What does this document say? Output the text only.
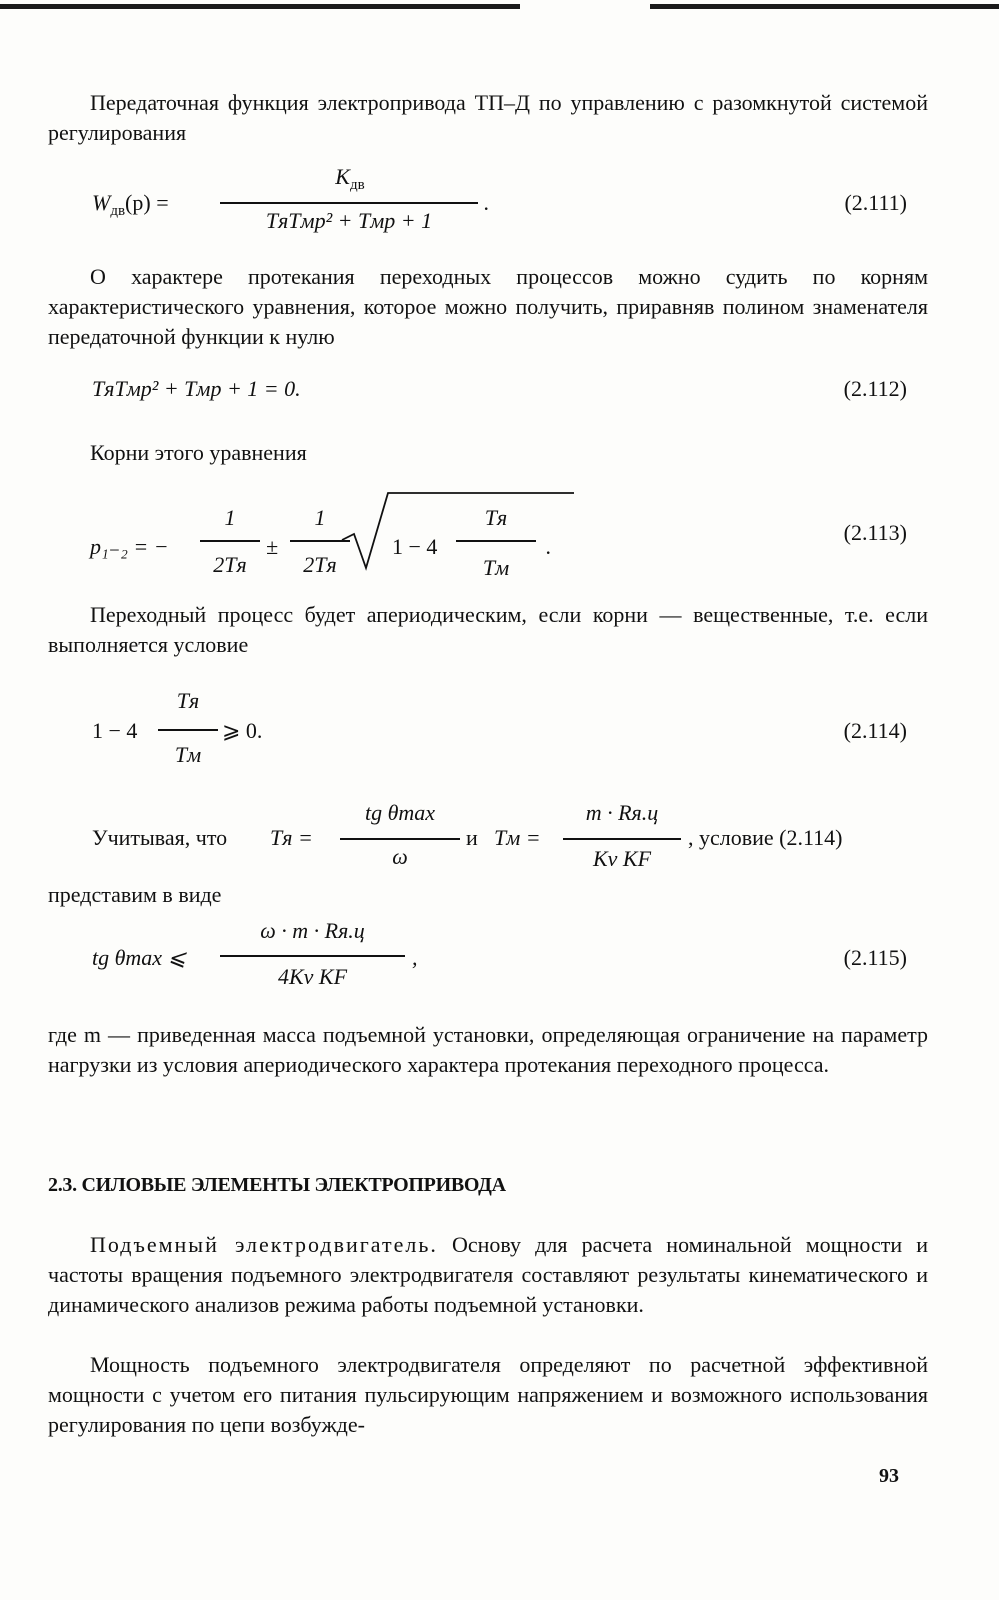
Передаточная функция электропривода ТП–Д по управлению с разомкнутой системой регулирования
$W_{дв}(p)$ =
$K_{дв}$
TяTмp² + Tмp + 1
.	(2.111)
О характере протекания переходных процессов можно судить по корням характеристического уравнения, которое можно получить, приравняв полином знаменателя передаточной функции к нулю
TяTмp² + Tмp + 1 = 0.	(2.112)
Корни этого уравнения
p₁₋₂ = −
1
2Tя
±
1
2Tя
1 − 4
Tя
Tм
.
(2.113)
Переходный процесс будет апериодическим, если корни — вещественные, т.е. если выполняется условие
1 − 4
Tя
Tм
⩾ 0.	(2.114)
Учитывая, что Tя =
tg θmax
ω
и Tм =
m · Rя.ц
Kv KF
, условие (2.114)
представим в виде
tg θmax ⩽
ω · m · Rя.ц
4Kv KF
,	(2.115)
где m — приведенная масса подъемной установки, определяющая ограничение на параметр нагрузки из условия апериодического характера протекания переходного процесса.
2.3. СИЛОВЫЕ ЭЛЕМЕНТЫ ЭЛЕКТРОПРИВОДА
Подъемный электродвигатель. Основу для расчета номинальной мощности и частоты вращения подъемного электродвигателя составляют результаты кинематического и динамического анализов режима работы подъемной установки.
Мощность подъемного электродвигателя определяют по расчетной эффективной мощности с учетом его питания пульсирующим напряжением и возможного использования регулирования по цепи возбужде-
93
